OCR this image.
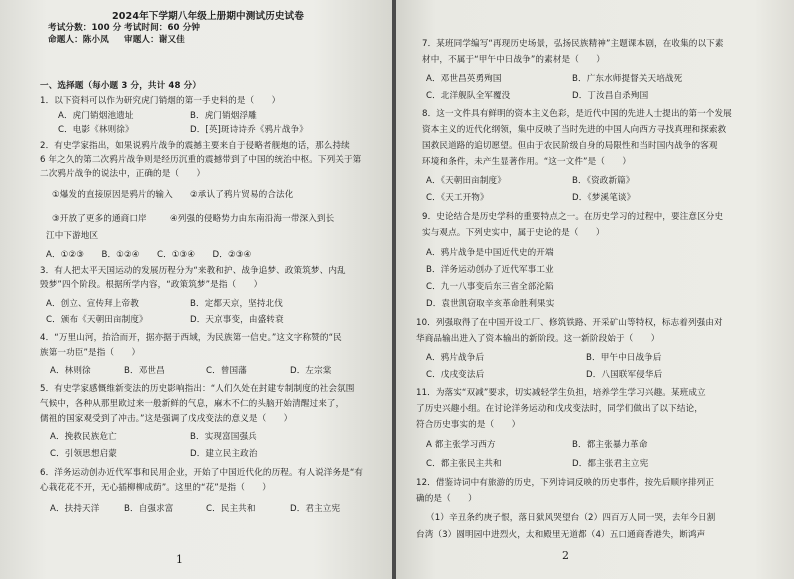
2024年下学期八年级上册期中测试历史试卷
考试分数：100 分 考试时间：60 分钟
命题人：陈小凤 审题人：谢又佳
一、选择题（每小题 3 分，共计 48 分）
1．以下资料可以作为研究虎门销烟的第一手史料的是（　　）
A．虎门销烟池遗址	B．虎门销烟浮雕
C．电影《林则徐》	D．[英]斑诗诗乔《鸦片战争》
2．有史学家指出，如果说鸦片战争的震撼主要来自于侵略者舰炮的话，那么持续
6 年之久的第二次鸦片战争则是经历沉重的震撼带到了中国的统治中枢。下列关于第
二次鸦片战争的说法中，正确的是（　　）
①爆发的直接原因是鸦片的输入 ②承认了鸦片贸易的合法化
③开放了更多的通商口岸	④列强的侵略势力由东南沿海一带深入到长
江中下游地区
A．①②③　　B．①②④　　C．①③④　　D．②③④
3．有人把太平天国运动的发展历程分为“来教和护、战争追梦、政策筑梦、内乱
毁梦”四个阶段。根据所学内容，“政策筑梦”是指（　　）
A．创立、宣传拜上帝教	B．定都天京，坚持北伐
C．颁布《天朝田亩制度》	D．天京事变，由盛转衰
4．“万里山河，抬洽而开，据亦据于西域，为民族第一信史。”这文字称赞的“民
族第一功臣”是指（　　）
A．林则徐	B．邓世昌	C．曾国藩	D．左宗棠
5．有史学家感慨维新变法的历史影响指出：“人们久处在封建专制制度的社会氛围
气候中，各种从那里欧过来一般新鲜的气息，麻木不仁的头脑开始清醒过来了，
儒祖的国家观受到了冲击。”这是强调了戊戌变法的意义是（　　）
A．挽救民族危亡	B．实现富国强兵
C．引领思想启蒙	D．建立民主政治
6．洋务运动创办近代军事和民用企业，开始了中国近代化的历程。有人说洋务是“有
心栽花花不开，无心插柳柳成荫”。这里的“花”是指（　　）
A．扶持天洋	B．自强求富	C．民主共和	D．君主立宪
1
7．某班同学编写“再现历史场景，弘扬民族精神”主题课本剧，在收集的以下素
材中，不属于“甲午中日战争”的素材是（　　）
A．邓世昌英勇殉国	B．广东水师提督关天培战死
C．北洋舰队全军覆没	D．丁汝昌自杀殉国
8．这一文件具有鲜明的资本主义色彩，是近代中国的先进人士提出的第一个发展
资本主义的近代化纲领，集中反映了当时先进的中国人向西方寻找真理和探索救
国救民道路的追切愿望。但由于农民阶级自身的局限性和当时国内战争的客观
环境和条件，未产生显著作用。“这一文件”是（　　）
A．《天朝田亩制度》	B．《资政新篇》
C．《天工开物》	D．《梦溪笔谈》
9．史论结合是历史学科的重要特点之一。在历史学习的过程中，要注意区分史
实与观点。下列史实中，属于史论的是（　　）
A．鸦片战争是中国近代史的开端
B．洋务运动创办了近代军事工业
C．九一八事变后东三省全部沦陷
D．袁世凯窃取辛亥革命胜利果实
10．列强取得了在中国开设工厂、修筑铁路、开采矿山等特权，标志着列强由对
华商品输出进入了资本输出的新阶段。这一新阶段始于（　　）
A．鸦片战争后	B．甲午中日战争后
C．戊戌变法后	D．八国联军侵华后
11．为落实“双减”要求，切实减轻学生负担，培养学生学习兴趣。某班成立
了历史兴趣小组。在讨论洋务运动和戊戌变法时，同学们做出了以下结论，
符合历史事实的是（　　）
A 都主张学习西方	B．都主张暴力革命
C．都主张民主共和	D．都主张君主立宪
12．借鉴诗词中有旅游的历史，下列诗词反映的历史事件，按先后顺序排列正
确的是（　　）
（1）辛丑条约庚子恨，落日狱风哭望台（2）四百万人同一哭，去年今日割
台湾（3）圆明园中进烈火，太和殿里无道都（4）五口通商香港失，断鸿声
2
